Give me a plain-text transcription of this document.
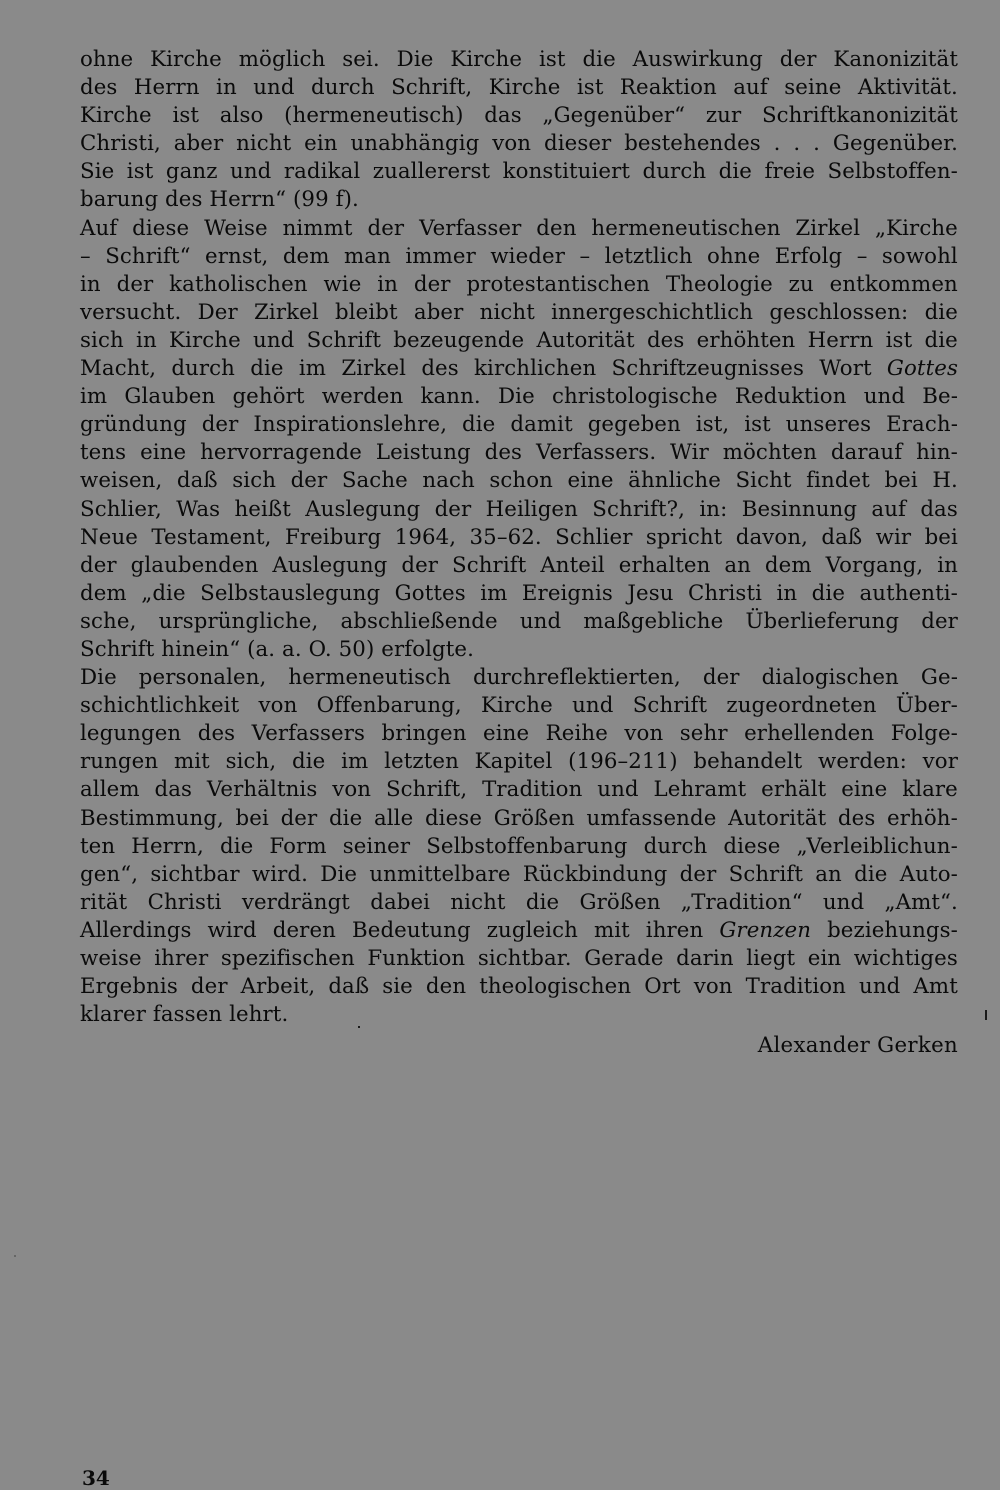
ohne Kirche möglich sei. Die Kirche ist die Auswirkung der Kanonizität
des Herrn in und durch Schrift, Kirche ist Reaktion auf seine Aktivität.
Kirche ist also (hermeneutisch) das „Gegenüber“ zur Schriftkanonizität
Christi, aber nicht ein unabhängig von dieser bestehendes . . . Gegenüber.
Sie ist ganz und radikal zuallererst konstituiert durch die freie Selbstoffen-
barung des Herrn“ (99 f).
Auf diese Weise nimmt der Verfasser den hermeneutischen Zirkel „Kirche
– Schrift“ ernst, dem man immer wieder – letztlich ohne Erfolg – sowohl
in der katholischen wie in der protestantischen Theologie zu entkommen
versucht. Der Zirkel bleibt aber nicht innergeschichtlich geschlossen: die
sich in Kirche und Schrift bezeugende Autorität des erhöhten Herrn ist die
Macht, durch die im Zirkel des kirchlichen Schriftzeugnisses Wort Gottes
im Glauben gehört werden kann. Die christologische Reduktion und Be-
gründung der Inspirationslehre, die damit gegeben ist, ist unseres Erach-
tens eine hervorragende Leistung des Verfassers. Wir möchten darauf hin-
weisen, daß sich der Sache nach schon eine ähnliche Sicht findet bei H.
Schlier, Was heißt Auslegung der Heiligen Schrift?, in: Besinnung auf das
Neue Testament, Freiburg 1964, 35–62. Schlier spricht davon, daß wir bei
der glaubenden Auslegung der Schrift Anteil erhalten an dem Vorgang, in
dem „die Selbstauslegung Gottes im Ereignis Jesu Christi in die authenti-
sche, ursprüngliche, abschließende und maßgebliche Überlieferung der
Schrift hinein“ (a. a. O. 50) erfolgte.
Die personalen, hermeneutisch durchreflektierten, der dialogischen Ge-
schichtlichkeit von Offenbarung, Kirche und Schrift zugeordneten Über-
legungen des Verfassers bringen eine Reihe von sehr erhellenden Folge-
rungen mit sich, die im letzten Kapitel (196–211) behandelt werden: vor
allem das Verhältnis von Schrift, Tradition und Lehramt erhält eine klare
Bestimmung, bei der die alle diese Größen umfassende Autorität des erhöh-
ten Herrn, die Form seiner Selbstoffenbarung durch diese „Verleiblichun-
gen“, sichtbar wird. Die unmittelbare Rückbindung der Schrift an die Auto-
rität Christi verdrängt dabei nicht die Größen „Tradition“ und „Amt“.
Allerdings wird deren Bedeutung zugleich mit ihren Grenzen beziehungs-
weise ihrer spezifischen Funktion sichtbar. Gerade darin liegt ein wichtiges
Ergebnis der Arbeit, daß sie den theologischen Ort von Tradition und Amt
klarer fassen lehrt.
Alexander Gerken
34
